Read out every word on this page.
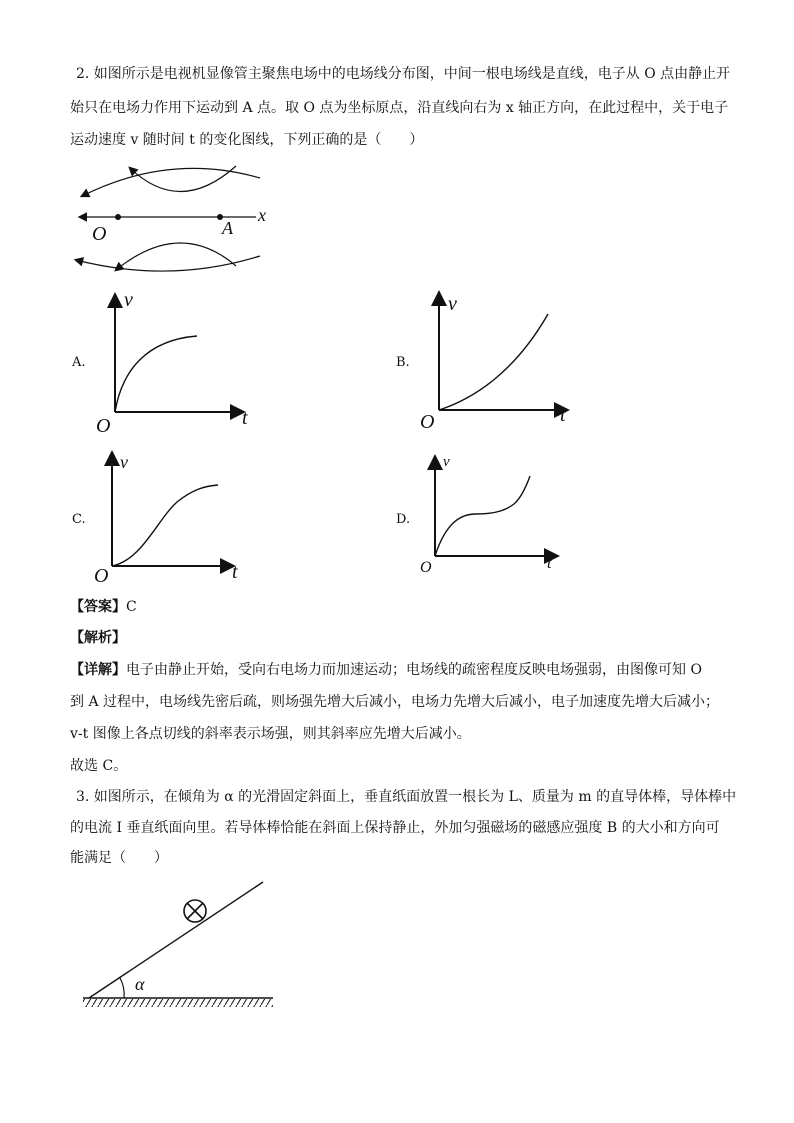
2. 如图所示是电视机显像管主聚焦电场中的电场线分布图，中间一根电场线是直线，电子从 O 点由静止开
始只在电场力作用下运动到 A 点。取 O 点为坐标原点，沿直线向右为 x 轴正方向，在此过程中，关于电子
运动速度 v 随时间 t 的变化图线，下列正确的是（　　）
O	A
x
A.
v
t
O
B.
v
t
O
C.
v
t
O
D.
v
t
O
【答案】C
【解析】
【详解】电子由静止开始，受向右电场力而加速运动；电场线的疏密程度反映电场强弱，由图像可知 O
到 A 过程中，电场线先密后疏，则场强先增大后减小，电场力先增大后减小，电子加速度先增大后减小；
v-t 图像上各点切线的斜率表示场强，则其斜率应先增大后减小。
故选 C。
3. 如图所示，在倾角为 α 的光滑固定斜面上，垂直纸面放置一根长为 L、质量为 m 的直导体棒，导体棒中
的电流 I 垂直纸面向里。若导体棒恰能在斜面上保持静止，外加匀强磁场的磁感应强度 B 的大小和方向可
能满足（　　）
α
